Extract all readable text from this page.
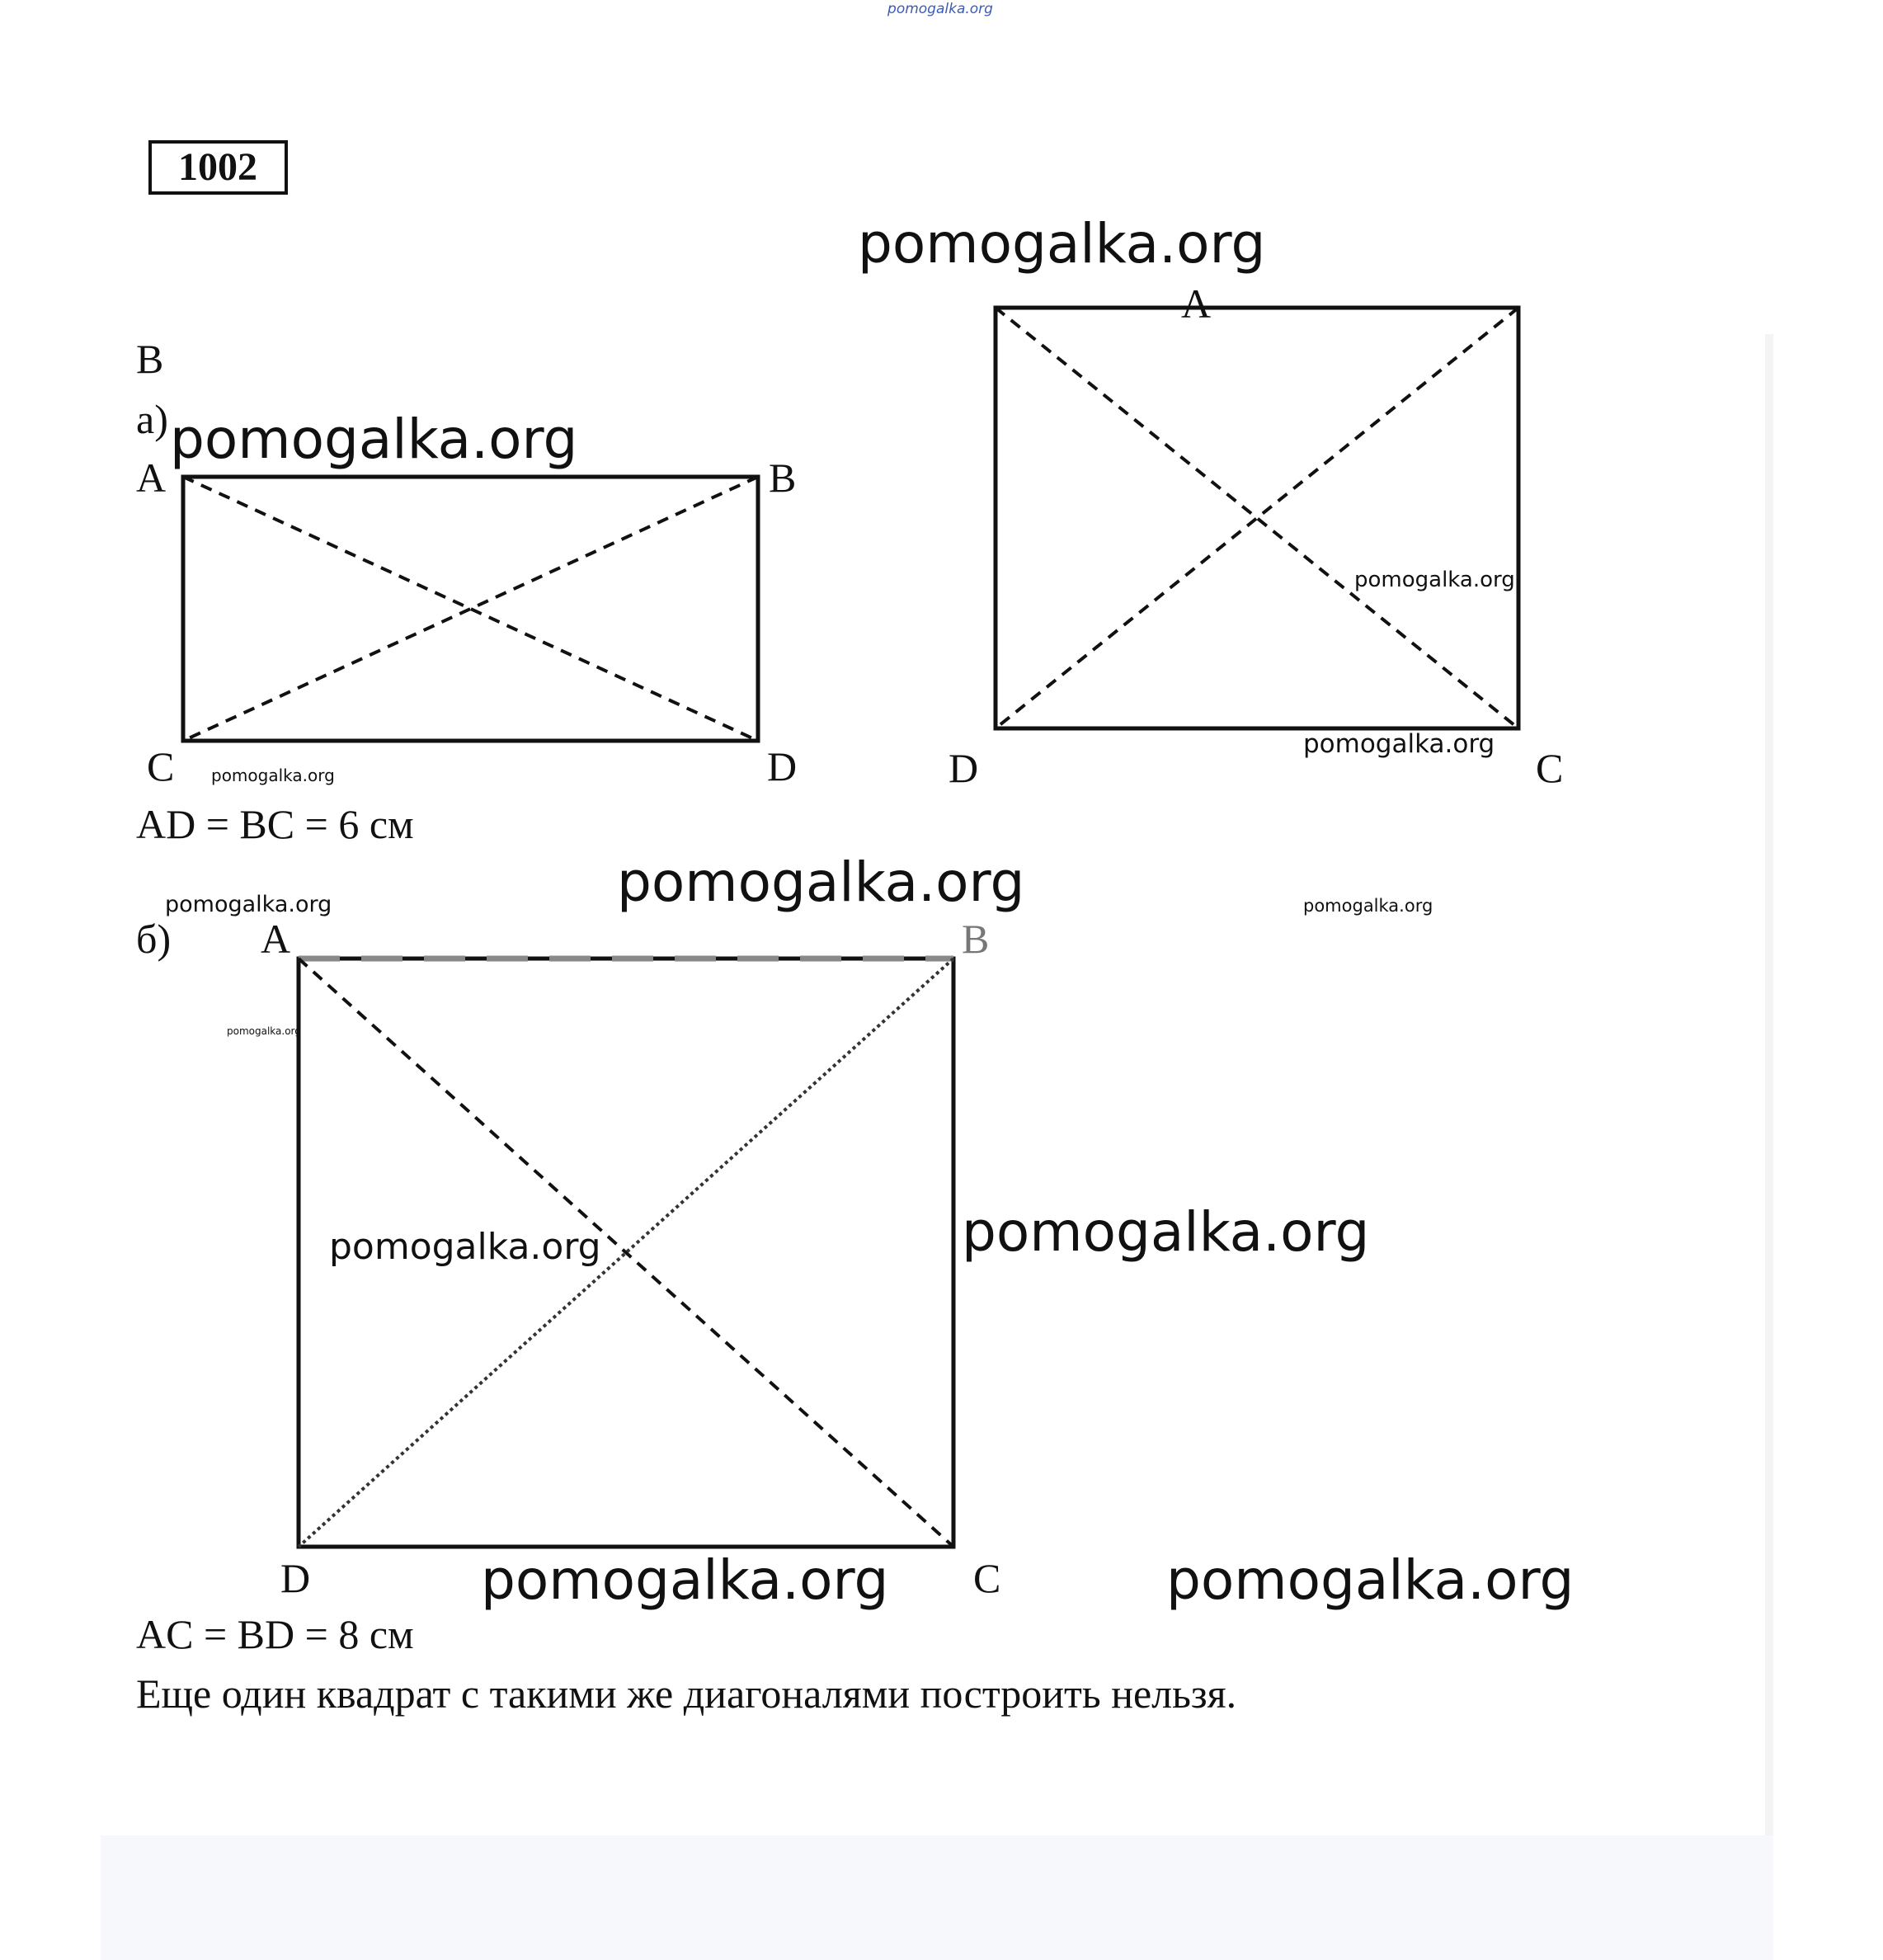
pomogalka.org
1002
В
а)
A	B
C	D
A
D	C
AD = BC = 6 см
б) A	B
D	C
AC = BD = 8 см
Еще один квадрат с такими же диагоналями построить нельзя.
pomogalka.org
pomogalka.org
pomogalka.org
pomogalka.org
pomogalka.org
pomogalka.org
pomogalka.org	pomogalka.org
pomogalka.org
pomogalka.org	pomogalka.org
pomogalka.org	pomogalka.org
